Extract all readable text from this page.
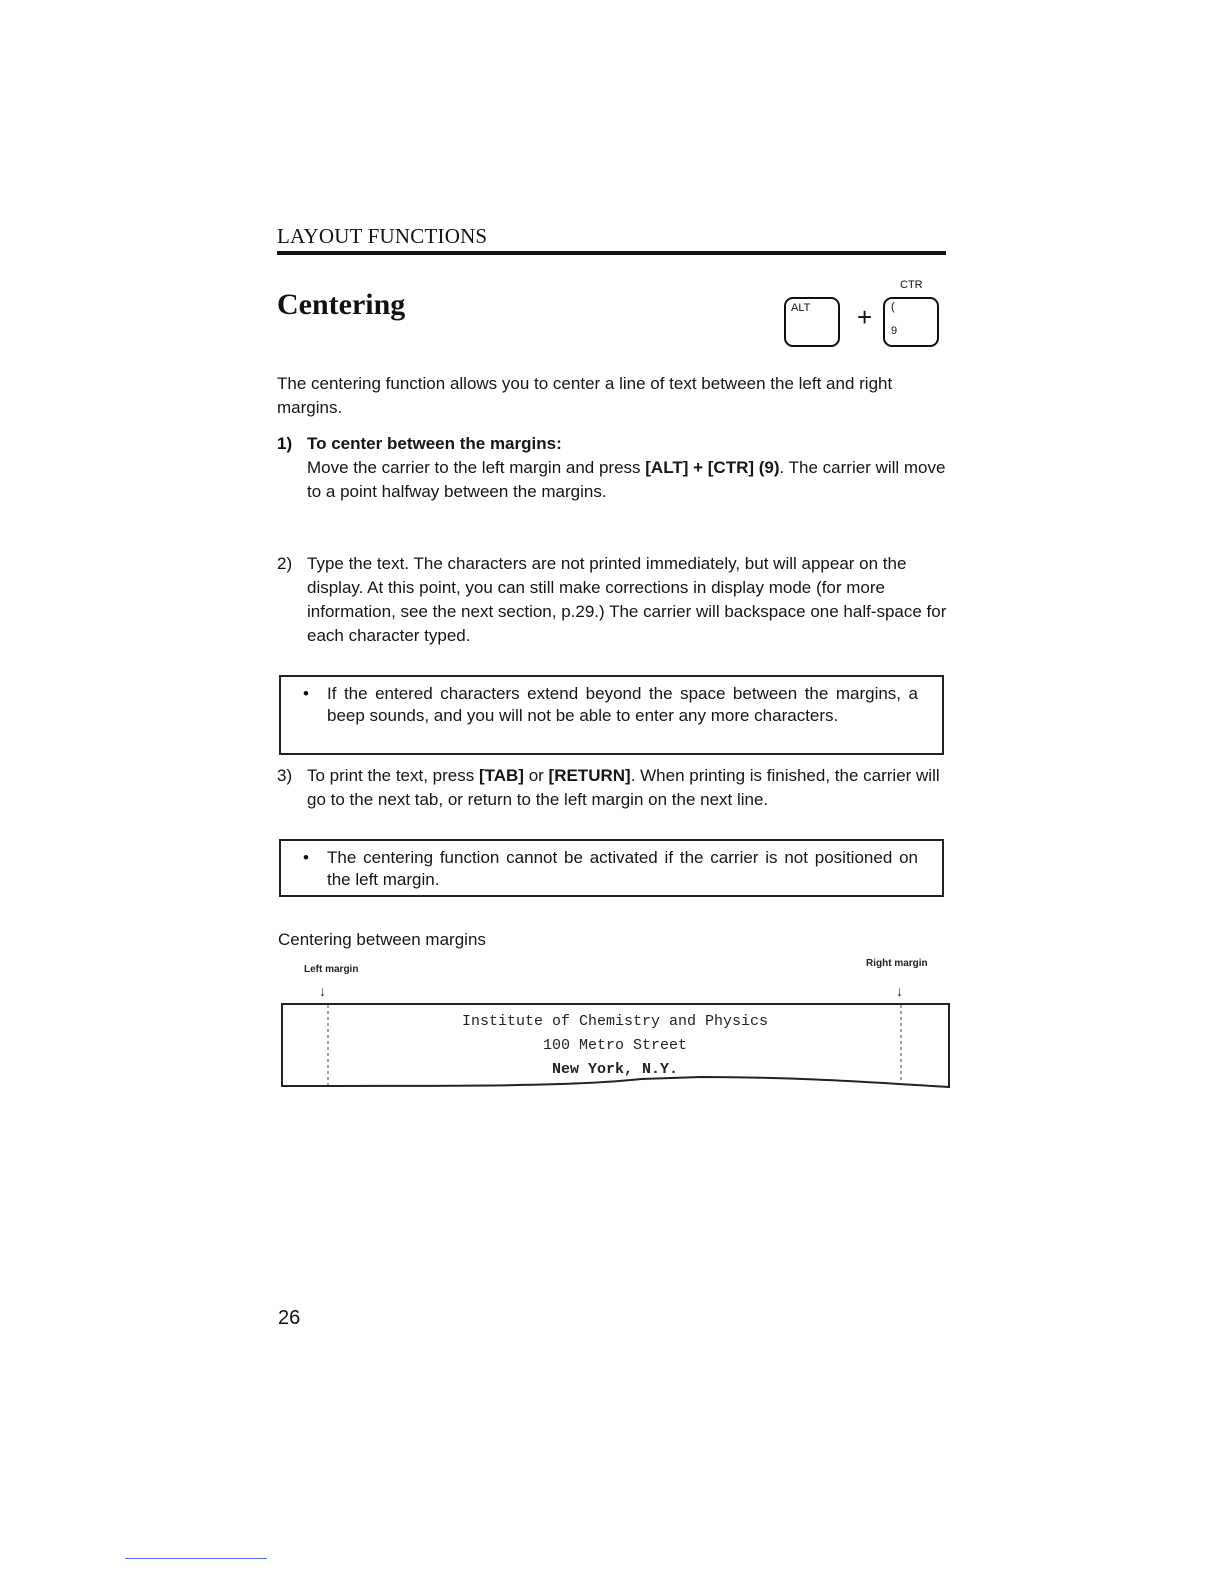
LAYOUT FUNCTIONS
Centering	ALT +
CTR
(
9
The centering function allows you to center a line of text between the left and right margins.
1) To center between the margins:
Move the carrier to the left margin and press [ALT] + [CTR] (9). The carrier will move to a point halfway between the margins.
2) Type the text. The characters are not printed immediately, but will appear on the display. At this point, you can still make corrections in display mode (for more information, see the next section, p.29.) The carrier will backspace one half-space for each character typed.
• If the entered characters extend beyond the space between the margins, a beep sounds, and you will not be able to enter any more characters.
3) To print the text, press [TAB] or [RETURN]. When printing is finished, the carrier will go to the next tab, or return to the left margin on the next line.
• The centering function cannot be activated if the carrier is not positioned on the left margin.
Centering between margins
Left margin
Right margin
↓	↓
Institute of Chemistry and Physics
100 Metro Street
New York, N.Y.
26
